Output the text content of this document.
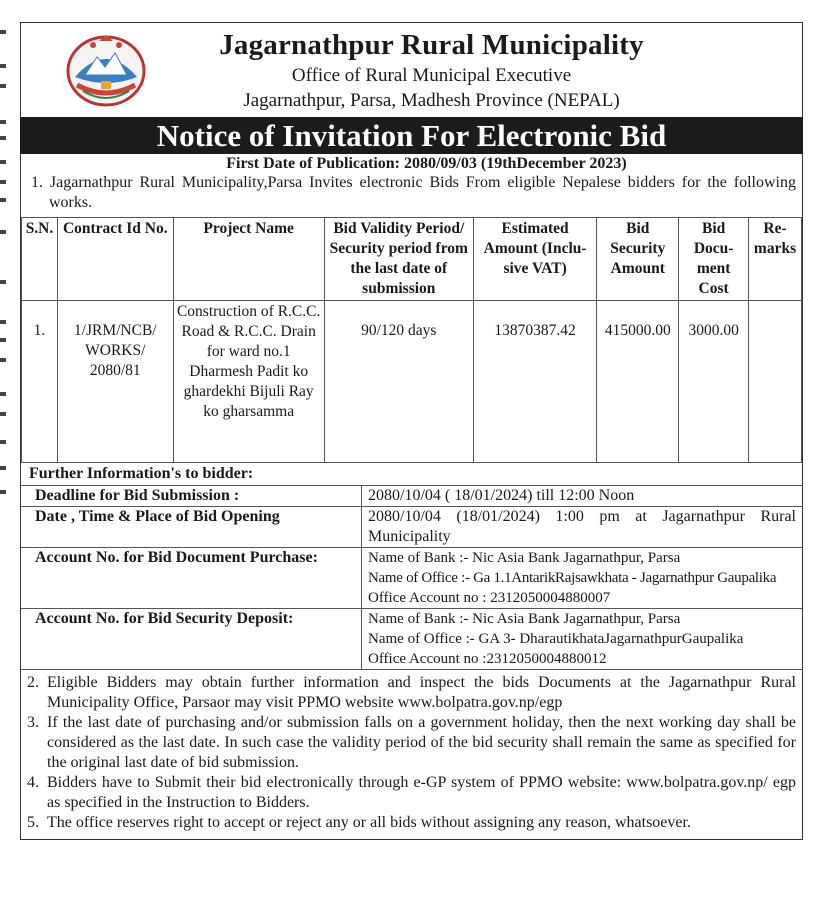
Jagarnathpur Rural Municipality
Office of Rural Municipal Executive
Jagarnathpur, Parsa, Madhesh Province (NEPAL)
Notice of Invitation For Electronic Bid
First Date of Publication: 2080/09/03 (19thDecember 2023)
1. Jagarnathpur Rural Municipality,Parsa Invites electronic Bids From eligible Nepalese bidders for the following works.
S.N.	Contract Id No.	Project Name	Bid Validity Period/ Security period from the last date of submission	Estimated Amount (Inclu-sive VAT)	Bid Security Amount	Bid Docu-ment Cost	Re-marks
1.	1/JRM/NCB/ WORKS/ 2080/81	Construction of R.C.C. Road & R.C.C. Drain for ward no.1 Dharmesh Padit ko ghardekhi Bijuli Ray ko gharsamma	90/120 days	13870387.42	415000.00	3000.00	
Further Information's to bidder:
Deadline for Bid Submission :	2080/10/04 ( 18/01/2024) till 12:00 Noon
Date , Time & Place of Bid Opening	2080/10/04 (18/01/2024) 1:00 pm at Jagarnathpur Rural Municipality
Account No. for Bid Document Purchase:	Name of Bank :- Nic Asia Bank Jagarnathpur, Parsa
Name of Office :- Ga 1.1AntarikRajsawkhata - Jagarnathpur Gaupalika
Office Account no : 2312050004880007

Account No. for Bid Security Deposit:	Name of Bank :- Nic Asia Bank Jagarnathpur, Parsa
Name of Office :- GA 3- DharautikhataJagarnathpurGaupalika
Office Account no :2312050004880012
2. Eligible Bidders may obtain further information and inspect the bids Documents at the Jagarnathpur Rural Municipality Office, Parsaor may visit PPMO website www.bolpatra.gov.np/egp
3. If the last date of purchasing and/or submission falls on a government holiday, then the next working day shall be considered as the last date. In such case the validity period of the bid security shall remain the same as specified for the original last date of bid submission.
4. Bidders have to Submit their bid electronically through e-GP system of PPMO website: www.bolpatra.gov.np/ egp as specified in the Instruction to Bidders.
5. The office reserves right to accept or reject any or all bids without assigning any reason, whatsoever.
